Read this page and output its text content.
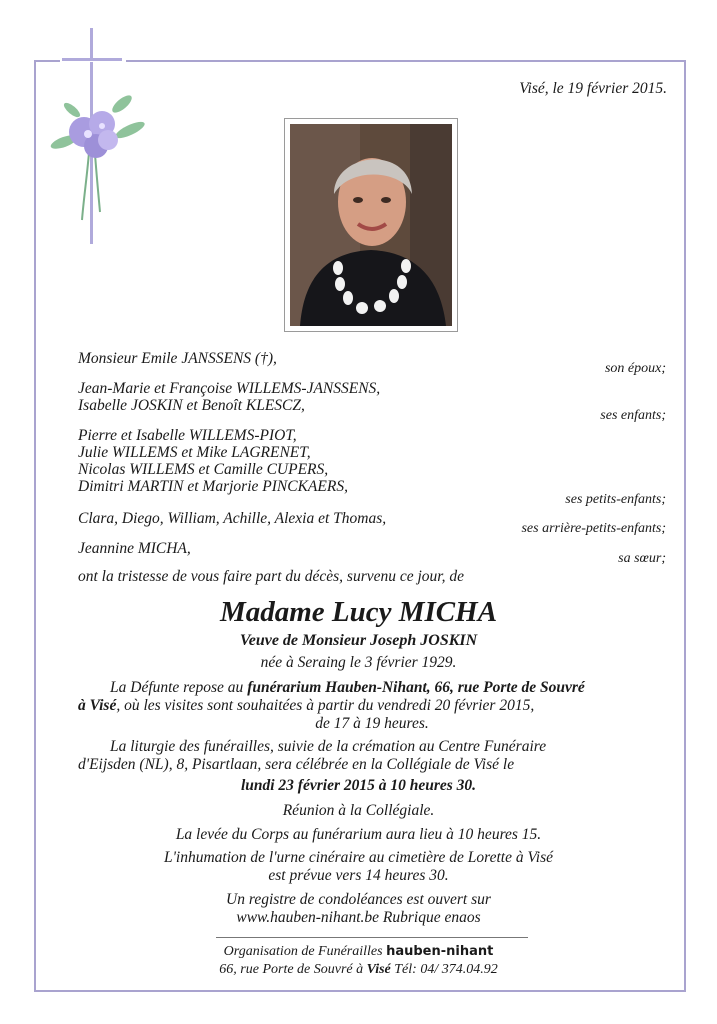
Visé, le 19 février 2015.
Monsieur Emile JANSSENS (†),
son époux;
Jean-Marie et Françoise WILLEMS-JANSSENS,
Isabelle JOSKIN et Benoît KLESCZ,
ses enfants;
Pierre et Isabelle WILLEMS-PIOT,
Julie WILLEMS et Mike LAGRENET,
Nicolas WILLEMS et Camille CUPERS,
Dimitri MARTIN et Marjorie PINCKAERS,
ses petits-enfants;
Clara, Diego, William, Achille, Alexia et Thomas,
ses arrière-petits-enfants;
Jeannine MICHA,
sa sœur;
ont la tristesse de vous faire part du décès, survenu ce jour, de
Madame Lucy MICHA
Veuve de Monsieur Joseph JOSKIN
née à Seraing le 3 février 1929.
La Défunte repose au funérarium Hauben-Nihant, 66, rue Porte de Souvré
à Visé, où les visites sont souhaitées à partir du vendredi 20 février 2015,
de 17 à 19 heures.
La liturgie des funérailles, suivie de la crémation au Centre Funéraire
d'Eijsden (NL), 8, Pisartlaan, sera célébrée en la Collégiale de Visé le
lundi 23 février 2015 à 10 heures 30.
Réunion à la Collégiale.
La levée du Corps au funérarium aura lieu à 10 heures 15.
L'inhumation de l'urne cinéraire au cimetière de Lorette à Visé
est prévue vers 14 heures 30.
Un registre de condoléances est ouvert sur
www.hauben-nihant.be Rubrique enaos
Organisation de Funérailles hauben-nihant
66, rue Porte de Souvré à Visé Tél: 04/ 374.04.92
